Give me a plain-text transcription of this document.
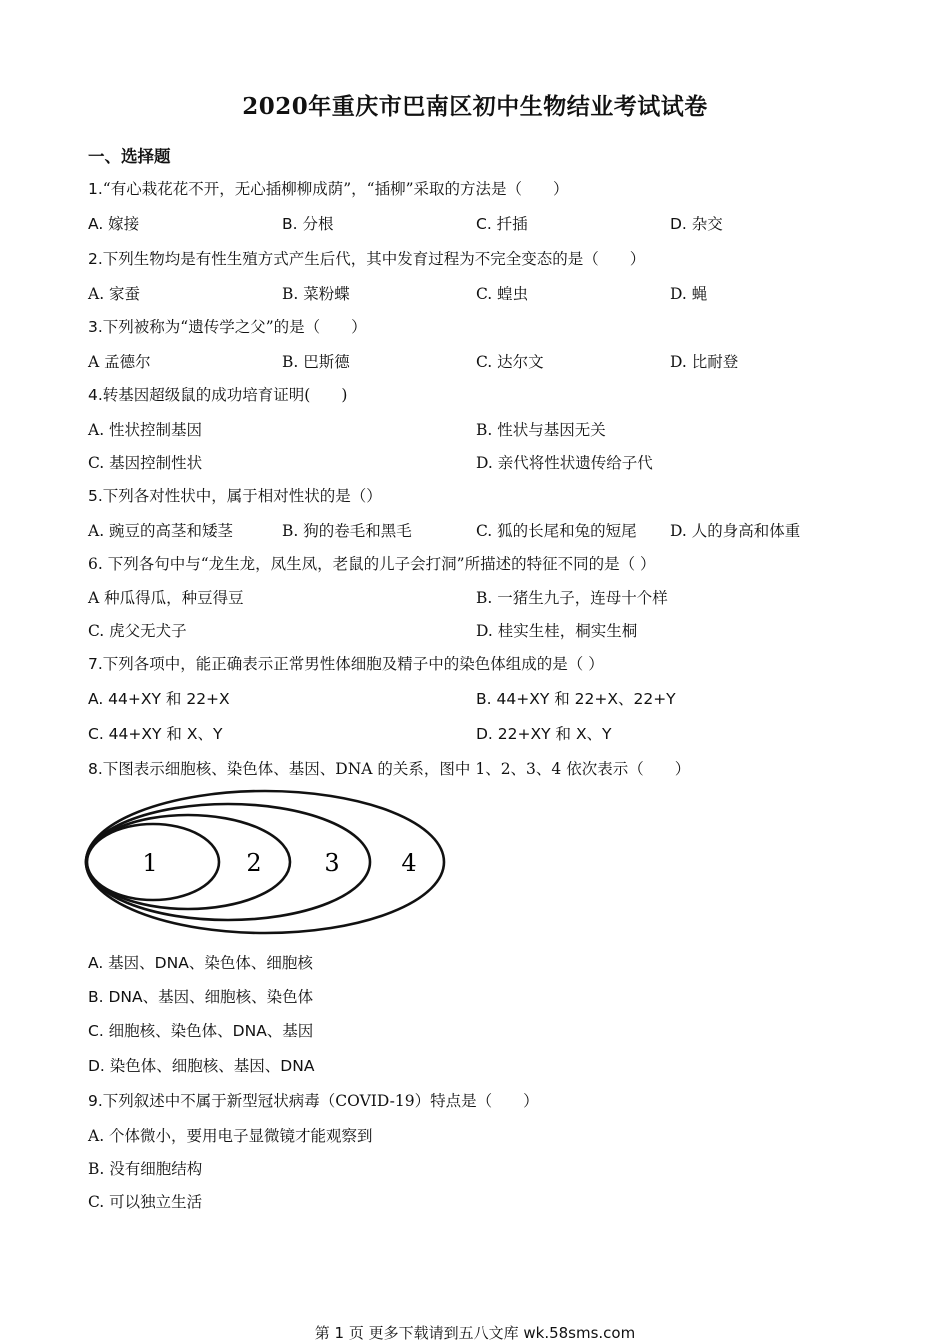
2020年重庆市巴南区初中生物结业考试试卷
一、选择题
1.“有心栽花花不开，无心插柳柳成荫”，“插柳”采取的方法是（　　）
A. 嫁接	B. 分根	C. 扦插	D. 杂交
2.下列生物均是有性生殖方式产生后代，其中发育过程为不完全变态的是（　　）
A. 家蚕	B. 菜粉蝶	C. 蝗虫	D. 蝇
3.下列被称为“遗传学之父”的是（　　）
A 孟德尔	B. 巴斯德	C. 达尔文	D. 比耐登
4.转基因超级鼠的成功培育证明(　　)
A. 性状控制基因	B. 性状与基因无关
C. 基因控制性状	D. 亲代将性状遗传给子代
5.下列各对性状中，属于相对性状的是（）
A. 豌豆的高茎和矮茎	B. 狗的卷毛和黑毛	C. 狐的长尾和兔的短尾 D. 人的身高和体重
6. 下列各句中与“龙生龙，凤生凤，老鼠的儿子会打洞”所描述的特征不同的是（ ）
A 种瓜得瓜，种豆得豆	B. 一猪生九子，连母十个样
C. 虎父无犬子	D. 桂实生桂，桐实生桐
7.下列各项中，能正确表示正常男性体细胞及精子中的染色体组成的是（ ）
A. 44+XY 和 22+X	B. 44+XY 和 22+X、22+Y
C. 44+XY 和 X、Y	D. 22+XY 和 X、Y
8.下图表示细胞核、染色体、基因、DNA 的关系，图中 1、2、3、4 依次表示（　　）
1	2	3	4
A. 基因、DNA、染色体、细胞核
B. DNA、基因、细胞核、染色体
C. 细胞核、染色体、DNA、基因
D. 染色体、细胞核、基因、DNA
9.下列叙述中不属于新型冠状病毒（COVID-19）特点是（　　）
A. 个体微小，要用电子显微镜才能观察到
B. 没有细胞结构
C. 可以独立生活
第 1 页 更多下载请到五八文库 wk.58sms.com
